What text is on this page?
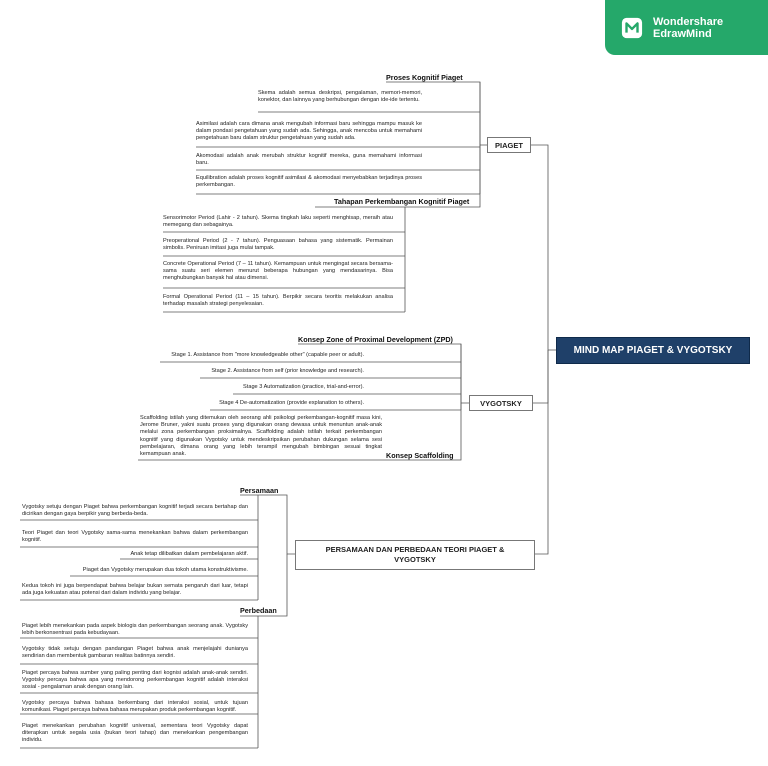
Wondershare
EdrawMind
MIND MAP PIAGET & VYGOTSKY
PIAGET
Proses Kognitif Piaget
Skema adalah semua deskripsi, pengalaman, memori-memori, konektor, dan lainnya yang berhubungan dengan ide-ide tertentu.
Asimilasi adalah cara dimana anak mengubah informasi baru sehingga mampu masuk ke dalam pondasi pengetahuan yang sudah ada. Sehingga, anak mencoba untuk memahami pengetahuan baru dalam struktur pengetahuan yang sudah ada.
Akomodasi adalah anak merubah struktur kognitif mereka, guna memahami informasi baru.
Equilibration adalah proses kognitif asimilasi & akomodasi menyebabkan terjadinya proses perkembangan.
Tahapan Perkembangan Kognitif Piaget
Sensorimotor Period (Lahir - 2 tahun). Skema tingkah laku seperti menghisap, meraih atau memegang dan sebagainya.
Preoperational Period (2 - 7 tahun). Penguasaan bahasa yang sistematik. Permainan simbolis. Peniruan imitasi juga mulai tampak.
Concrete Operational Period (7 – 11 tahun). Kemampuan untuk mengingat secara bersama-sama suatu seri elemen menurut beberapa hubungan yang mendasarinya. Bisa menghubungkan banyak hal atau dimensi.
Formal Operational Period (11 – 15 tahun). Berpikir secara teoritis melakukan analisa terhadap masalah strategi penyelesaian.
VYGOTSKY
Konsep Zone of Proximal Development (ZPD)
Stage 1. Assistance from "more knowledgeable other" (capable peer or adult).
Stage 2. Assistance from self (prior knowledge and research).
Stage 3 Automatization (practice, trial-and-error).
Stage 4 De-automatization (provide explanation to others).
Scaffolding istilah yang ditemukan oleh seorang ahli psikologi perkembangan-kognitif masa kini, Jerome Bruner, yakni suatu proses yang digunakan orang dewasa untuk menuntun anak-anak melalui zona perkembangan proksimalnya. Scaffolding adalah istilah terkait perkembangan kognitif yang digunakan Vygotsky untuk mendeskripsikan perubahan dukungan selama sesi pembelajaran, dimana orang yang lebih terampil mengubah bimbingan sesuai tingkat kemampuan anak.	Konsep Scaffolding
PERSAMAAN DAN PERBEDAAN TEORI PIAGET & VYGOTSKY
Persamaan
Vygotsky setuju dengan Piaget bahwa perkembangan kognitif terjadi secara bertahap dan dicirikan dengan gaya berpikir yang berbeda-beda.
Teori Piaget dan teori Vygotsky sama-sama menekankan bahwa dalam perkembangan kognitif.
Anak tetap dilibatkan dalam pembelajaran aktif.
Piaget dan Vygotsky merupakan dua tokoh utama konstruktivisme.
Kedua tokoh ini juga berpendapat bahwa belajar bukan semata pengaruh dari luar, tetapi ada juga kekuatan atau potensi dari dalam individu yang belajar.
Perbedaan
Piaget lebih menekankan pada aspek biologis dan perkembangan seorang anak. Vygotsky lebih berkonsentrasi pada kebudayaan.
Vygotsky tidak setuju dengan pandangan Piaget bahwa anak menjelajahi dunianya sendirian dan membentuk gambaran realitas batinnya sendiri.
Piaget percaya bahwa sumber yang paling penting dari kognisi adalah anak-anak sendiri. Vygotsky percaya bahwa apa yang mendorong perkembangan kognitif adalah interaksi sosial - pengalaman anak dengan orang lain.
Vygotsky percaya bahwa bahasa berkembang dari interaksi sosial, untuk tujuan komunikasi. Piaget percaya bahwa bahasa merupakan produk perkembangan kognitif.
Piaget menekankan perubahan kognitif universal, sementara teori Vygotsky dapat diterapkan untuk segala usia (bukan teori tahap) dan menekankan pengembangan individu.
